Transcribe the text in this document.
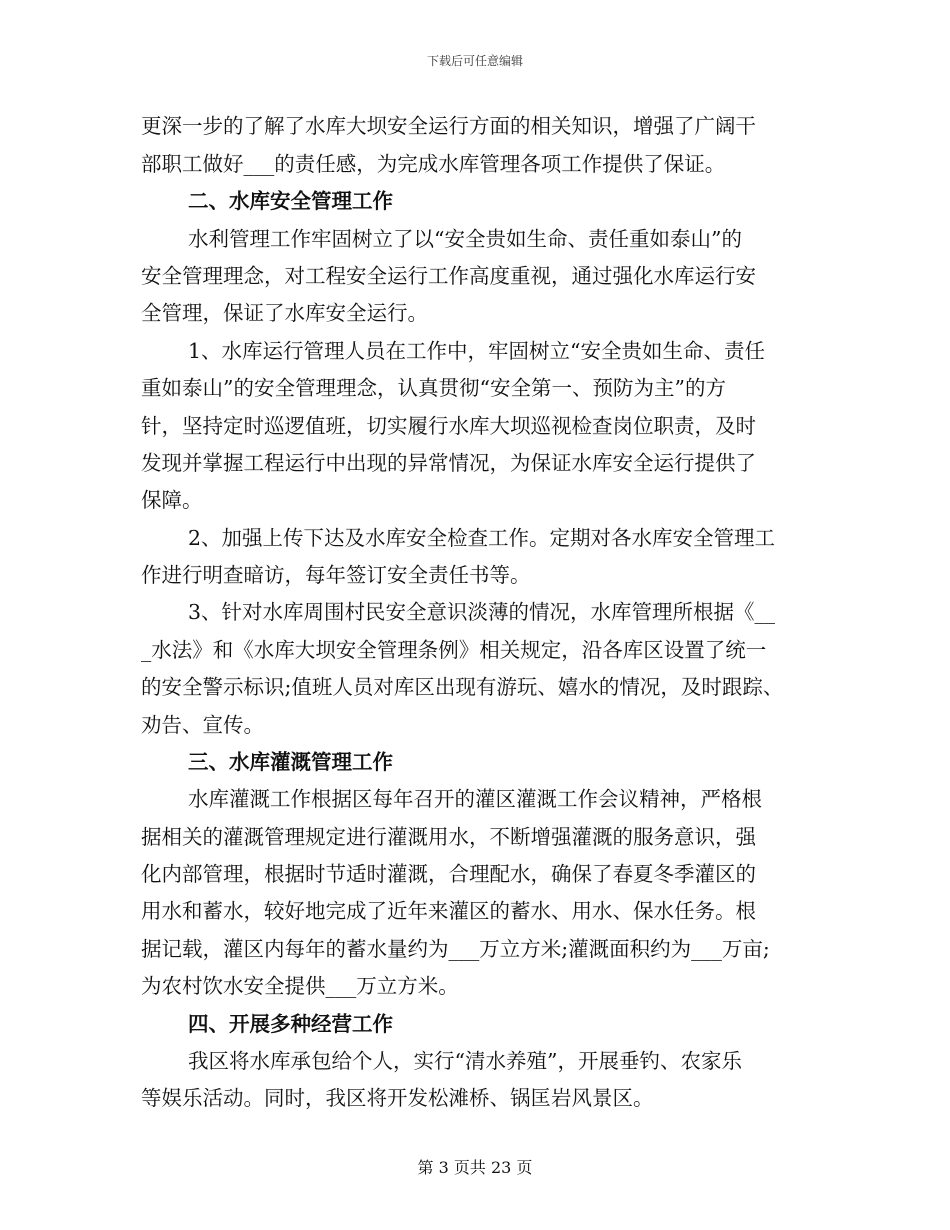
下载后可任意编辑
更深一步的了解了水库大坝安全运行方面的相关知识，增强了广阔干
部职工做好___的责任感，为完成水库管理各项工作提供了保证。
二、水库安全管理工作
水利管理工作牢固树立了以“安全贵如生命、责任重如泰山”的
安全管理理念，对工程安全运行工作高度重视，通过强化水库运行安
全管理，保证了水库安全运行。
1、水库运行管理人员在工作中，牢固树立“安全贵如生命、责任
重如泰山”的安全管理理念，认真贯彻“安全第一、预防为主”的方
针，坚持定时巡逻值班，切实履行水库大坝巡视检查岗位职责，及时
发现并掌握工程运行中出现的异常情况，为保证水库安全运行提供了
保障。
2、加强上传下达及水库安全检查工作。定期对各水库安全管理工
作进行明查暗访，每年签订安全责任书等。
3、针对水库周围村民安全意识淡薄的情况，水库管理所根据《__
_水法》和《水库大坝安全管理条例》相关规定，沿各库区设置了统一
的安全警示标识;值班人员对库区出现有游玩、嬉水的情况，及时跟踪、
劝告、宣传。
三、水库灌溉管理工作
水库灌溉工作根据区每年召开的灌区灌溉工作会议精神，严格根
据相关的灌溉管理规定进行灌溉用水，不断增强灌溉的服务意识，强
化内部管理，根据时节适时灌溉，合理配水，确保了春夏冬季灌区的
用水和蓄水，较好地完成了近年来灌区的蓄水、用水、保水任务。根
据记载，灌区内每年的蓄水量约为___万立方米;灌溉面积约为___万亩;
为农村饮水安全提供___万立方米。
四、开展多种经营工作
我区将水库承包给个人，实行“清水养殖”，开展垂钓、农家乐
等娱乐活动。同时，我区将开发松滩桥、锅匡岩风景区。
第 3 页共 23 页
